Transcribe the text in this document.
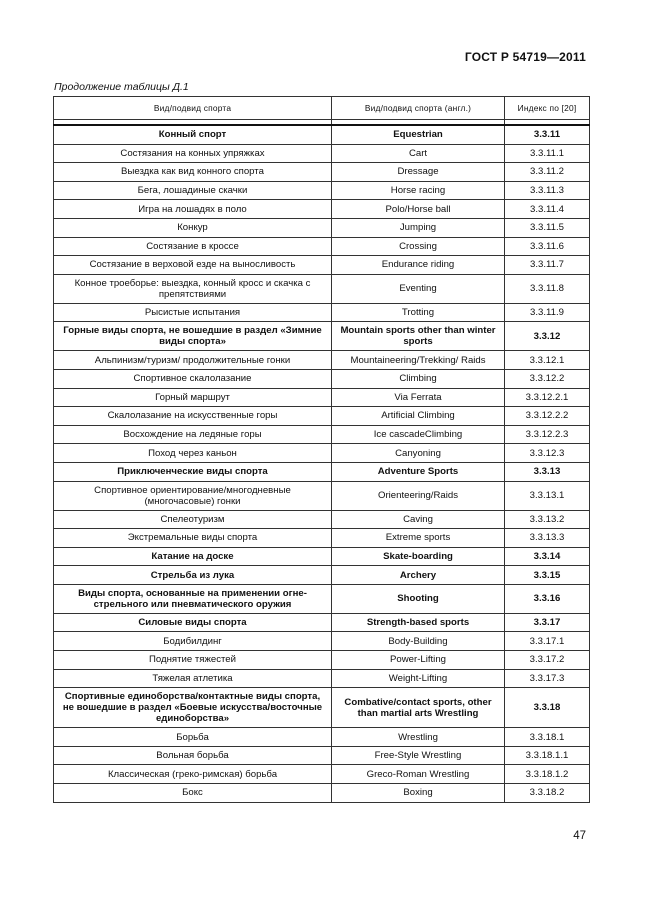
ГОСТ Р 54719—2011
Продолжение таблицы Д.1
Вид/подвид спорта	Вид/подвид спорта (англ.)	Индекс по [20]

Конный спорт	Equestrian	3.3.11
Состязания на конных упряжках	Cart	3.3.11.1
Выездка как вид конного спорта	Dressage	3.3.11.2
Бега, лошадиные скачки	Horse racing	3.3.11.3
Игра на лошадях в поло	Polo/Horse ball	3.3.11.4
Конкур	Jumping	3.3.11.5
Состязание в кроссе	Crossing	3.3.11.6
Состязание в верховой езде на выносливость	Endurance riding	3.3.11.7
Конное троеборье: выездка, конный кросс и скачка с препятствиями	Eventing	3.3.11.8
Рысистые испытания	Trotting	3.3.11.9
Горные виды спорта, не вошедшие в раздел «Зимние виды спорта»	Mountain sports other than winter sports	3.3.12
Альпинизм/туризм/ продолжительные гонки	Mountaineering/Trekking/ Raids	3.3.12.1
Спортивное скалолазание	Climbing	3.3.12.2
Горный маршрут	Via Ferrata	3.3.12.2.1
Скалолазание на искусственные горы	Artificial Climbing	3.3.12.2.2
Восхождение на ледяные горы	Ice cascadeClimbing	3.3.12.2.3
Поход через каньон	Canyoning	3.3.12.3
Приключенческие виды спорта	Adventure Sports	3.3.13
Спортивное ориентирование/многодневные (многочасовые) гонки	Orienteering/Raids	3.3.13.1
Спелеотуризм	Caving	3.3.13.2
Экстремальные виды спорта	Extreme sports	3.3.13.3
Катание на доске	Skate-boarding	3.3.14
Стрельба из лука	Archery	3.3.15
Виды спорта, основанные на применении огне-стрельного или пневматического оружия	Shooting	3.3.16
Силовые виды спорта	Strength-based sports	3.3.17
Бодибилдинг	Body-Building	3.3.17.1
Поднятие тяжестей	Power-Lifting	3.3.17.2
Тяжелая атлетика	Weight-Lifting	3.3.17.3
Спортивные единоборства/контактные виды спорта, не вошедшие в раздел «Боевые искусства/восточные единоборства»	Combative/contact sports, other than martial arts Wrestling	3.3.18
Борьба	Wrestling	3.3.18.1
Вольная борьба	Free-Style Wrestling	3.3.18.1.1
Классическая (греко-римская) борьба	Greco-Roman Wrestling	3.3.18.1.2
Бокс	Boxing	3.3.18.2
47
